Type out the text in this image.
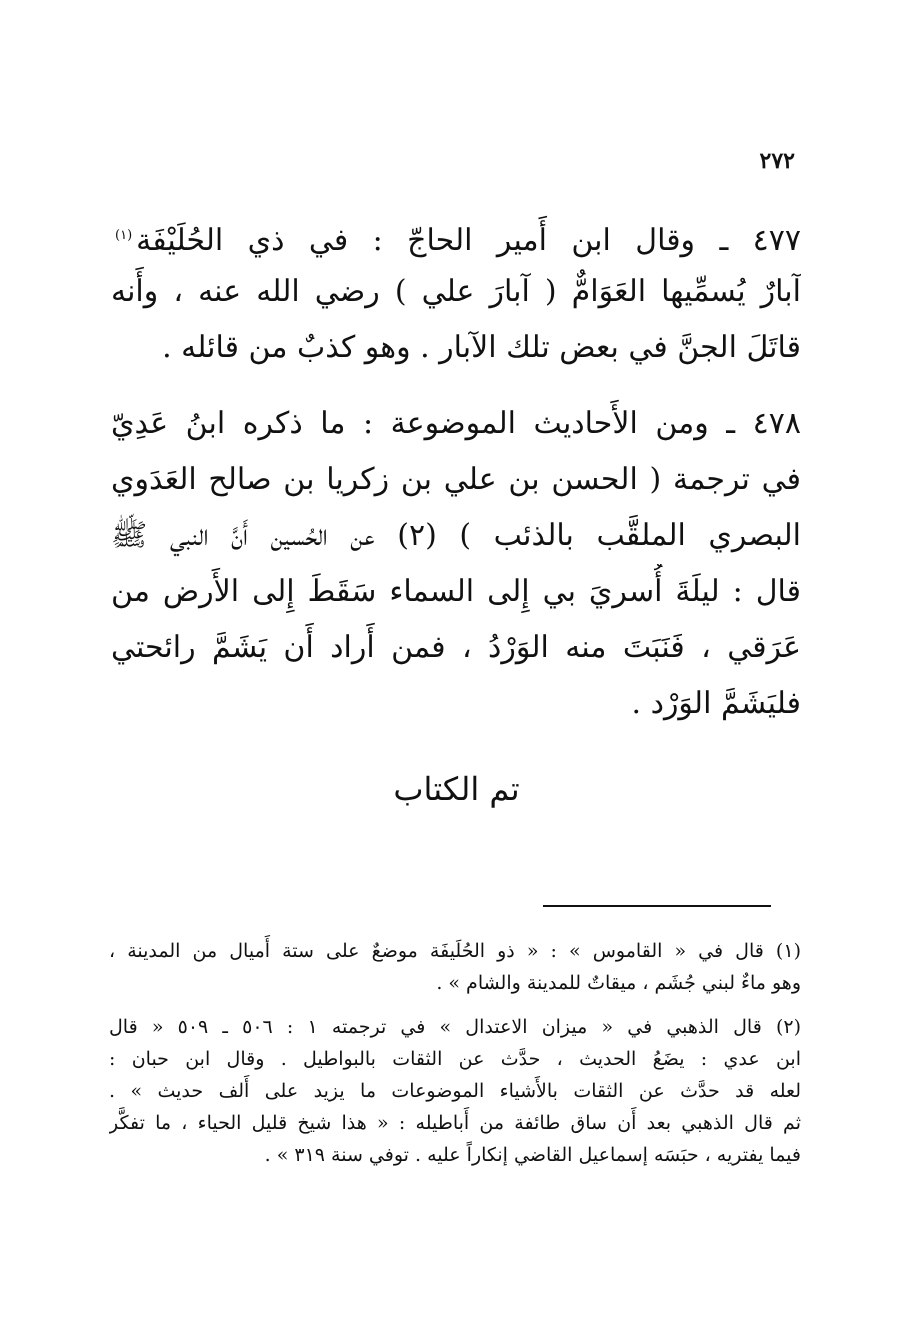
٢٧٢
٤٧٧ ـ وقال ابن أَمير الحاجّ : في ذي الحُلَيْفَة$^{(١)}$
آبارٌ يُسمِّيها العَوَامٌّ ( آبارَ علي ) رضي الله عنه ، وأَنه
قاتَلَ الجنَّ في بعض تلك الآبار . وهو كذبٌ من قائله .
٤٧٨ ـ ومن الأَحاديث الموضوعة : ما ذكره ابنُ عَدِيّ
في ترجمة ( الحسن بن علي بن زكريا بن صالح العَدَوي
البصري الملقَّب بالذئب ) (٢) عن الحُسين أَنَّ النبي ﷺ
قال : ليلَةَ أُسريَ بي إِلى السماء سَقَطَ إِلى الأَرض من
عَرَقي ، فَنَبَتَ منه الوَرْدُ ، فمن أَراد أَن يَشَمَّ رائحتي
فليَشَمَّ الوَرْد .
تم الكتاب
(١) قال في « القاموس » : « ذو الحُلَيفَة موضعٌ على ستة أَميال من المدينة ،
وهو ماءٌ لبني جُشَم ، ميقاتٌ للمدينة والشام » .
(٢) قال الذهبي في « ميزان الاعتدال » في ترجمته ١ : ٥٠٦ ـ ٥٠٩ « قال
ابن عدي : يضَعُ الحديث ، حدَّث عن الثقات بالبواطيل . وقال ابن حبان :
لعله قد حدَّث عن الثقات بالأَشياء الموضوعات ما يزيد على أَلف حديث » .
ثم قال الذهبي بعد أَن ساق طائفة من أَباطيله : « هذا شيخ قليل الحياء ، ما تفكَّر
فيما يفتريه ، حبَسَه إسماعيل القاضي إنكاراً عليه . توفي سنة ٣١٩ » .
